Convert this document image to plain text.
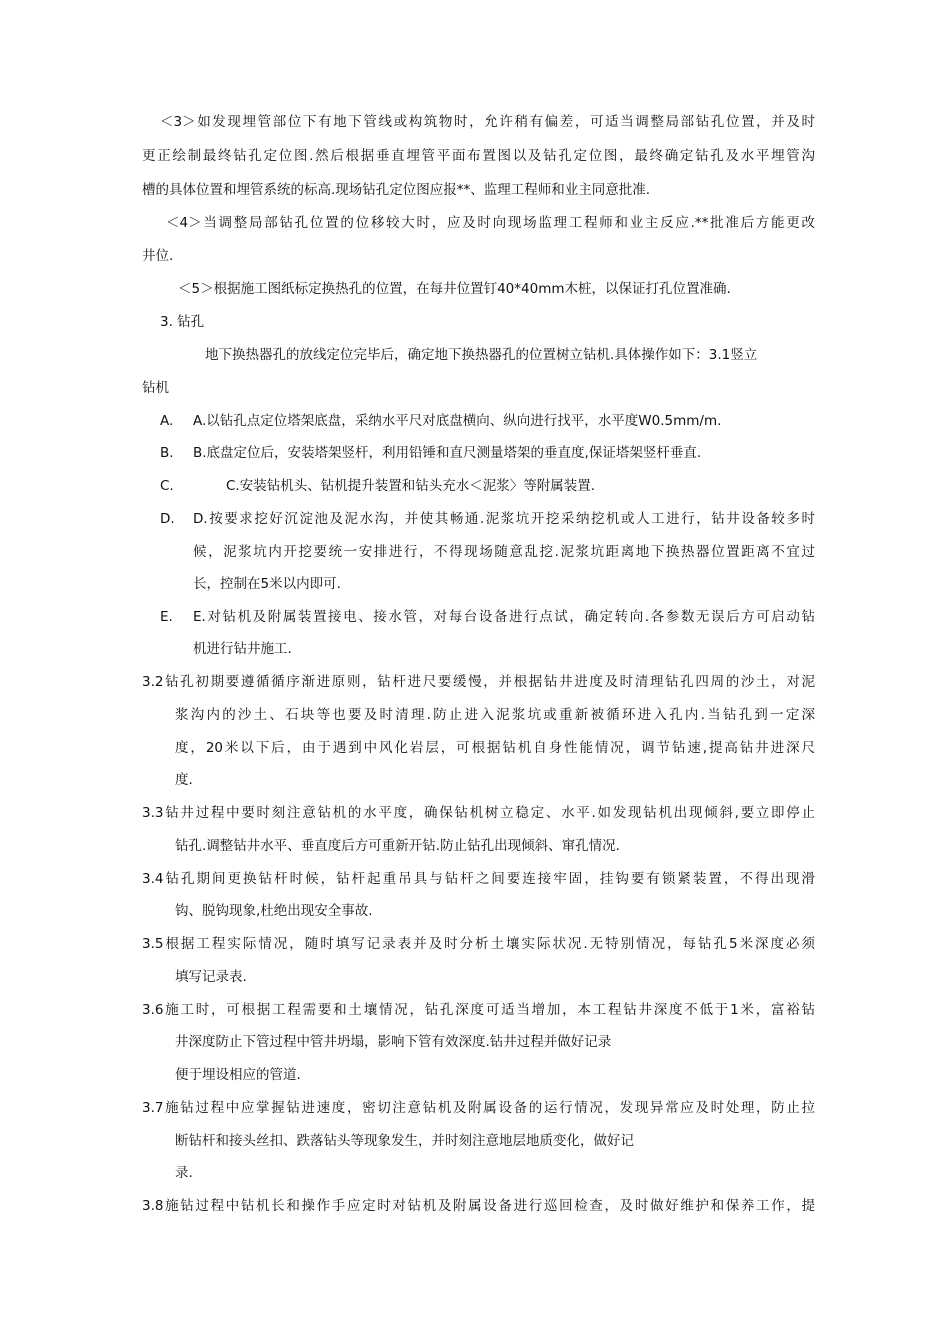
＜3＞如发现埋管部位下有地下管线或构筑物时，允许稍有偏差，可适当调整局部钻孔位置，并及时
更正绘制最终钻孔定位图.然后根据垂直埋管平面布置图以及钻孔定位图，最终确定钻孔及水平埋管沟
槽的具体位置和埋管系统的标高.现场钻孔定位图应报**、监理工程师和业主同意批准.
＜4＞当调整局部钻孔位置的位移较大时，应及时向现场监理工程师和业主反应.**批准后方能更改
井位.
＜5＞根据施工图纸标定换热孔的位置，在每井位置钉40*40mm木桩，以保证打孔位置准确.
3. 钻孔
地下换热器孔的放线定位完毕后，确定地下换热器孔的位置树立钻机.具体操作如下：3.1竖立
钻机
A. A.以钻孔点定位塔架底盘，采纳水平尺对底盘横向、纵向进行找平，水平度W0.5mm/m.
B. B.底盘定位后，安装塔架竖杆，利用铅锤和直尺测量塔架的垂直度,保证塔架竖杆垂直.
C.	C.安装钻机头、钻机提升装置和钻头充水＜泥浆〉等附属装置.
D. D.按要求挖好沉淀池及泥水沟，并使其畅通.泥浆坑开挖采纳挖机或人工进行，钻井设备较多时
候，泥浆坑内开挖要统一安排进行，不得现场随意乱挖.泥浆坑距离地下换热器位置距离不宜过
长，控制在5米以内即可.
E. E.对钻机及附属装置接电、接水管，对每台设备进行点试，确定转向.各参数无误后方可启动钻
机进行钻井施工.
3.2钻孔初期要遵循循序渐进原则，钻杆进尺要缓慢，并根据钻井进度及时清理钻孔四周的沙土，对泥
浆沟内的沙土、石块等也要及时清理.防止进入泥浆坑或重新被循环进入孔内.当钻孔到一定深
度，20米以下后，由于遇到中风化岩层，可根据钻机自身性能情况，调节钻速,提高钻井进深尺
度.
3.3钻井过程中要时刻注意钻机的水平度，确保钻机树立稳定、水平.如发现钻机出现倾斜,要立即停止
钻孔.调整钻井水平、垂直度后方可重新开钻.防止钻孔出现倾斜、窜孔情况.
3.4钻孔期间更换钻杆时候，钻杆起重吊具与钻杆之间要连接牢固，挂钩要有锁紧装置，不得出现滑
钩、脱钩现象,杜绝出现安全事故.
3.5根据工程实际情况，随时填写记录表并及时分析土壤实际状况.无特别情况，每钻孔5米深度必须
填写记录表.
3.6施工时，可根据工程需要和土壤情况，钻孔深度可适当增加，本工程钻井深度不低于1米，富裕钻
井深度防止下管过程中管井坍塌，影响下管有效深度.钻井过程并做好记录
便于埋设相应的管道.
3.7施钻过程中应掌握钻进速度，密切注意钻机及附属设备的运行情况，发现异常应及时处理，防止拉
断钻杆和接头丝扣、跌落钻头等现象发生，并时刻注意地层地质变化，做好记
录.
3.8施钻过程中钻机长和操作手应定时对钻机及附属设备进行巡回检查，及时做好维护和保养工作，提
